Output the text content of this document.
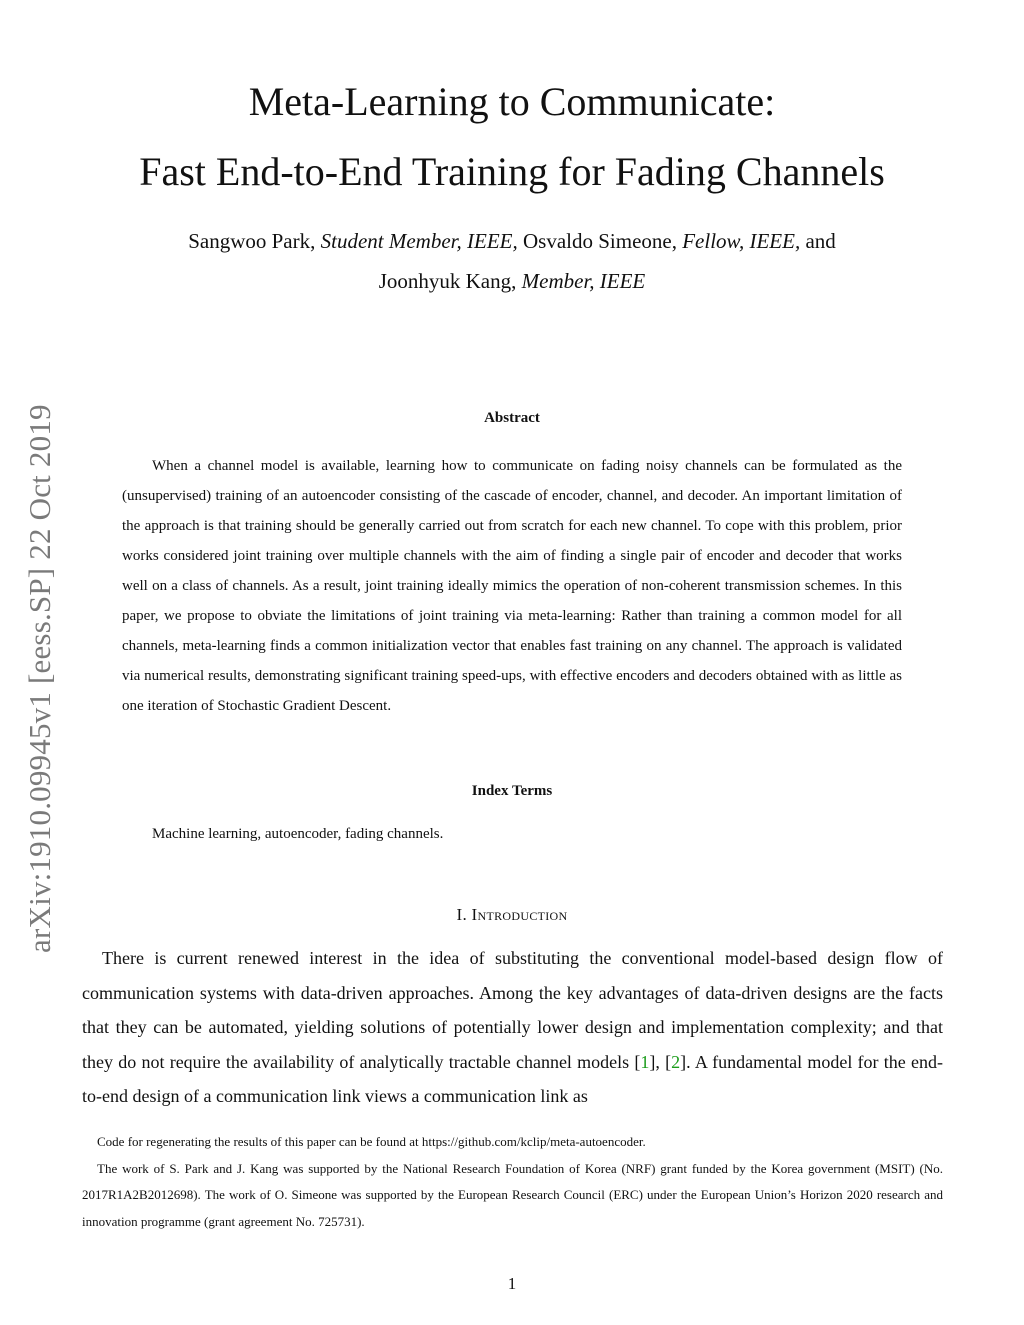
arXiv:1910.09945v1 [eess.SP] 22 Oct 2019
Meta-Learning to Communicate:
Fast End-to-End Training for Fading Channels
Sangwoo Park, Student Member, IEEE, Osvaldo Simeone, Fellow, IEEE, and
Joonhyuk Kang, Member, IEEE
Abstract

When a channel model is available, learning how to communicate on fading noisy channels can be formulated as the (unsupervised) training of an autoencoder consisting of the cascade of encoder, channel, and decoder. An important limitation of the approach is that training should be generally carried out from scratch for each new channel. To cope with this problem, prior works considered joint training over multiple channels with the aim of finding a single pair of encoder and decoder that works well on a class of channels. As a result, joint training ideally mimics the operation of non-coherent transmission schemes. In this paper, we propose to obviate the limitations of joint training via meta-learning: Rather than training a common model for all channels, meta-learning finds a common initialization vector that enables fast training on any channel. The approach is validated via numerical results, demonstrating significant training speed-ups, with effective encoders and decoders obtained with as little as one iteration of Stochastic Gradient Descent.

Index Terms

Machine learning, autoencoder, fading channels.

I. Introduction

There is current renewed interest in the idea of substituting the conventional model-based design flow of communication systems with data-driven approaches. Among the key advantages of data-driven designs are the facts that they can be automated, yielding solutions of potentially lower design and implementation complexity; and that they do not require the availability of analytically tractable channel models [1], [2]. A fundamental model for the end-to-end design of a communication link views a communication link as

Code for regenerating the results of this paper can be found at https://github.com/kclip/meta-autoencoder.

The work of S. Park and J. Kang was supported by the National Research Foundation of Korea (NRF) grant funded by the Korea government (MSIT) (No. 2017R1A2B2012698). The work of O. Simeone was supported by the European Research Council (ERC) under the European Union’s Horizon 2020 research and innovation programme (grant agreement No. 725731).

1
